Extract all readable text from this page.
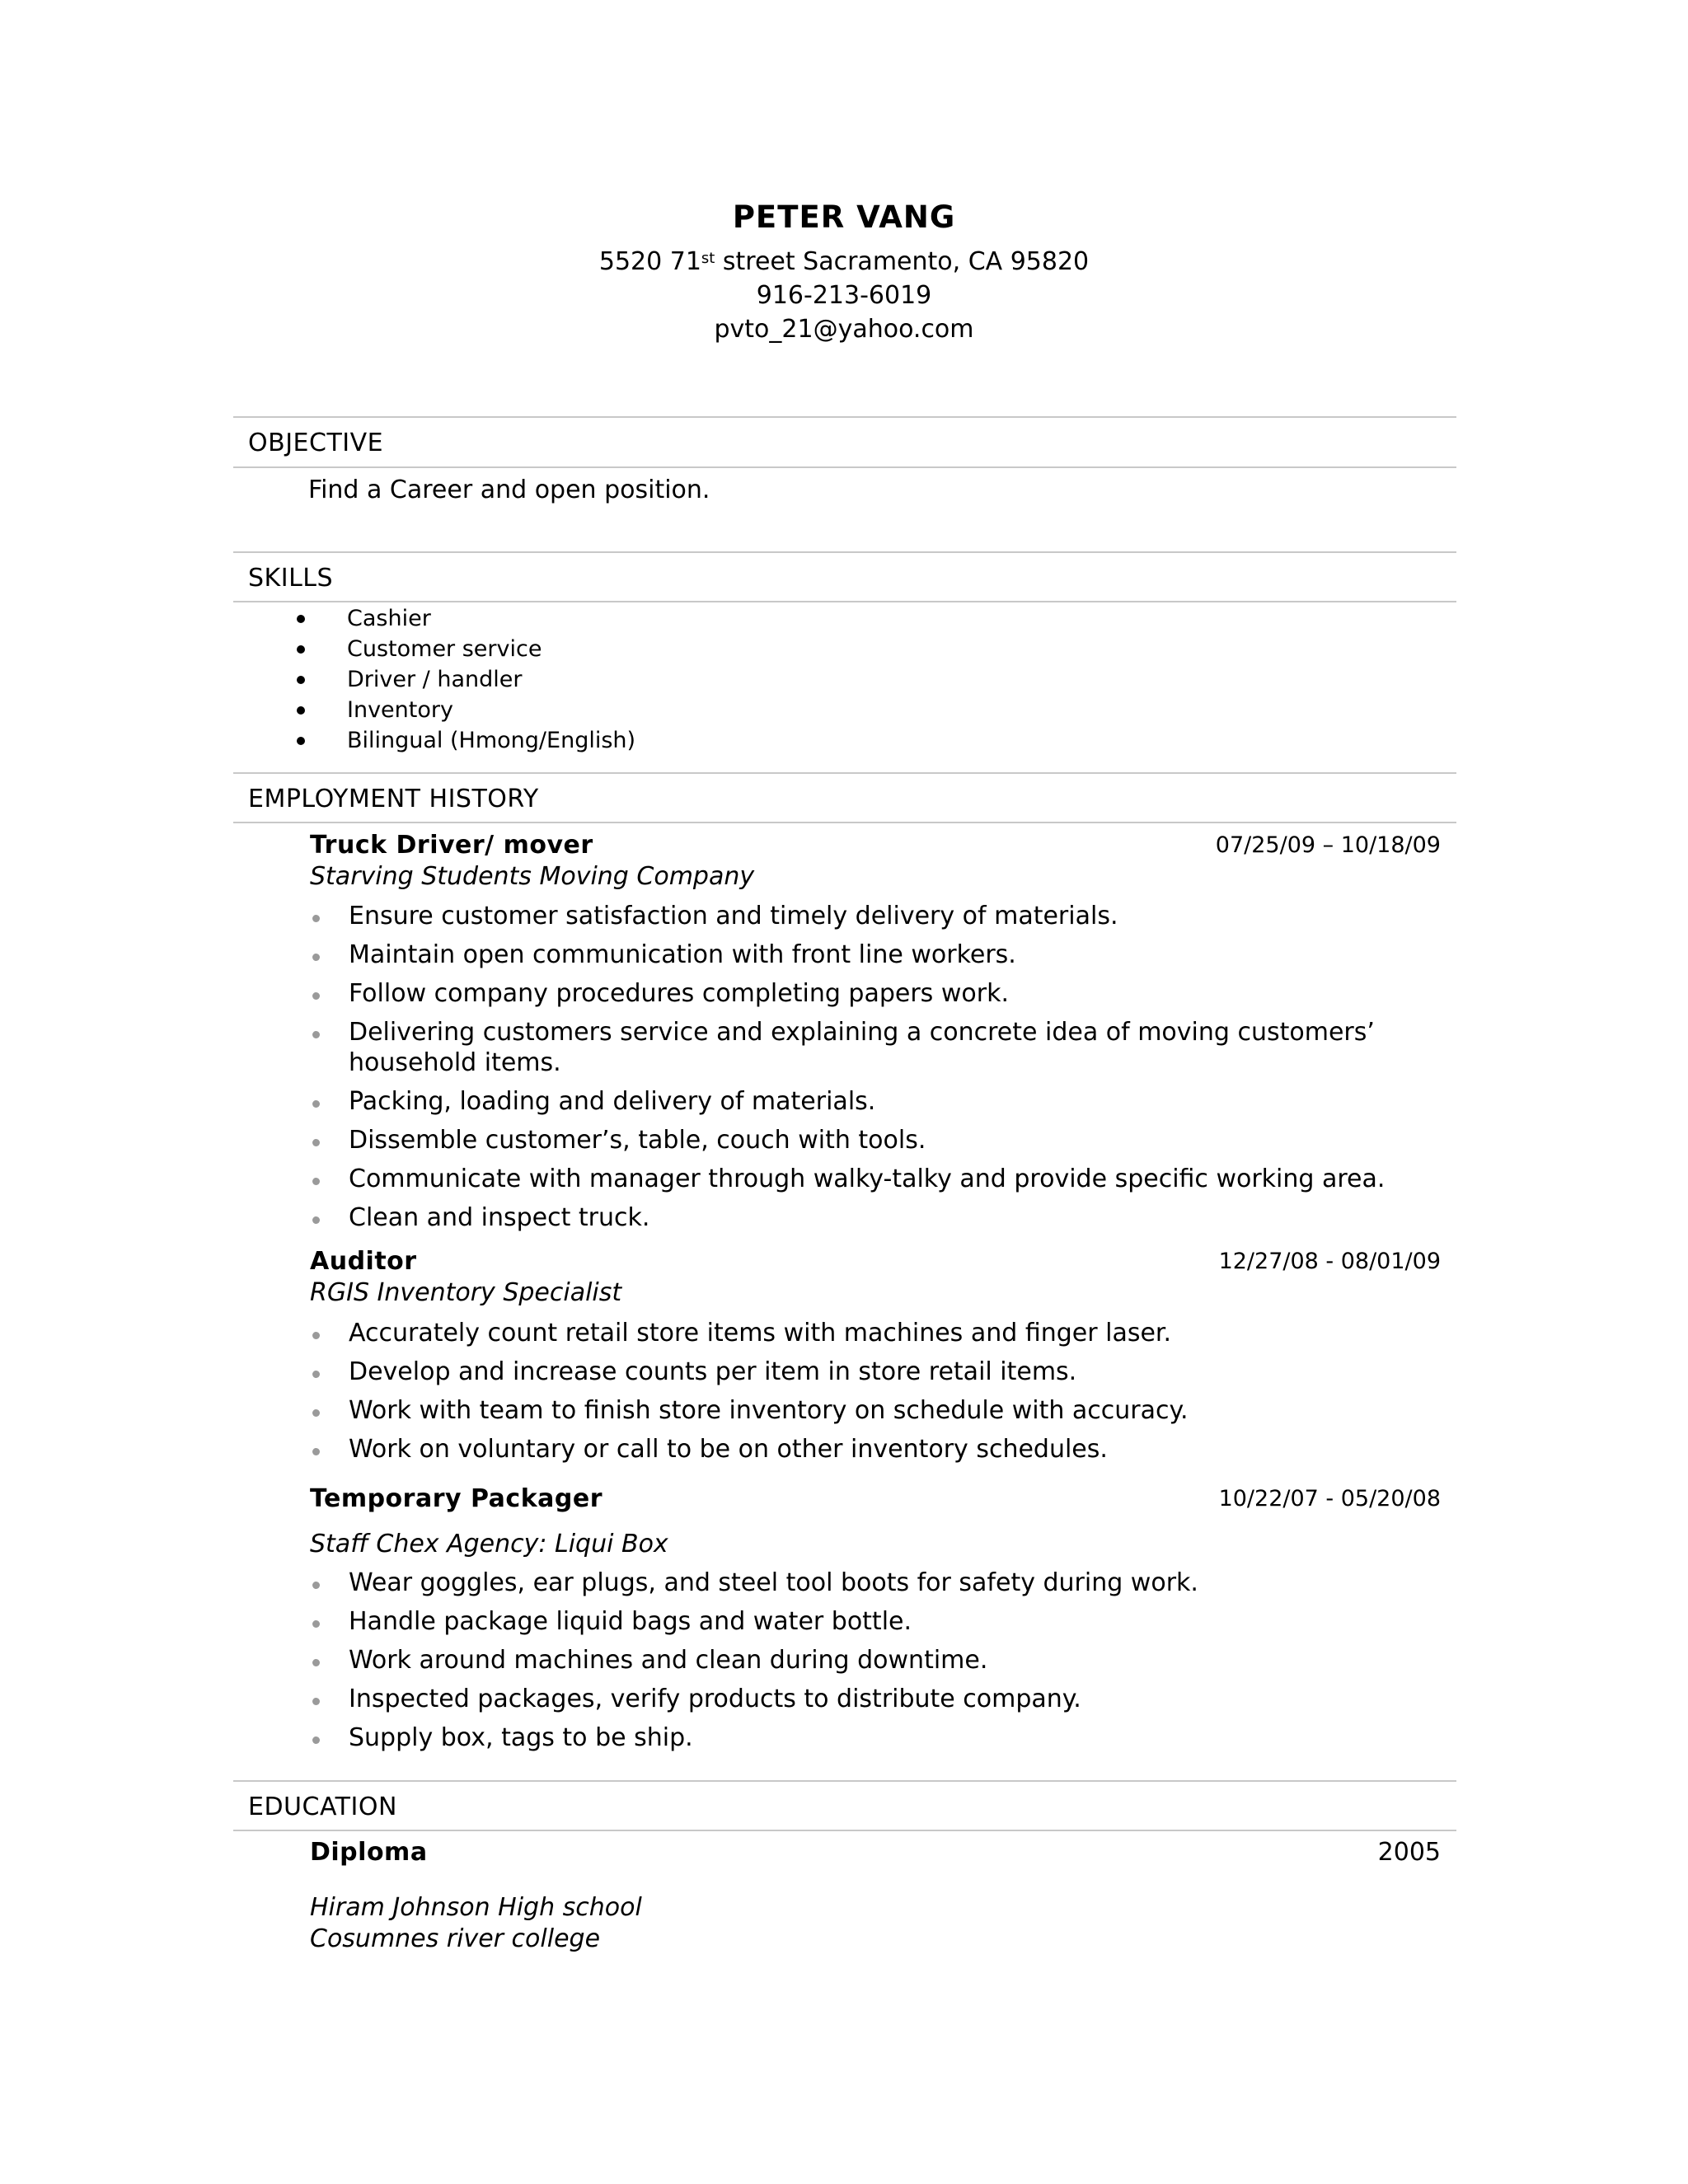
PETER VANG
5520 71st street Sacramento, CA 95820
916-213-6019
pvto_21@yahoo.com
OBJECTIVE
Find a Career and open position.
SKILLS
Cashier
Customer service
Driver / handler
Inventory
Bilingual (Hmong/English)
EMPLOYMENT HISTORY
Truck Driver/ mover	07/25/09 – 10/18/09
Starving Students Moving Company
Ensure customer satisfaction and timely delivery of materials.
Maintain open communication with front line workers.
Follow company procedures completing papers work.
Delivering customers service and explaining a concrete idea of moving customers’
household items.
Packing, loading and delivery of materials.
Dissemble customer’s, table, couch with tools.
Communicate with manager through walky-talky and provide specific working area.
Clean and inspect truck.
Auditor	12/27/08 - 08/01/09
RGIS Inventory Specialist
Accurately count retail store items with machines and finger laser.
Develop and increase counts per item in store retail items.
Work with team to finish store inventory on schedule with accuracy.
Work on voluntary or call to be on other inventory schedules.
Temporary Packager	10/22/07 - 05/20/08
Staff Chex Agency: Liqui Box
Wear goggles, ear plugs, and steel tool boots for safety during work.
Handle package liquid bags and water bottle.
Work around machines and clean during downtime.
Inspected packages, verify products to distribute company.
Supply box, tags to be ship.
EDUCATION
Diploma	2005
Hiram Johnson High school
Cosumnes river college
